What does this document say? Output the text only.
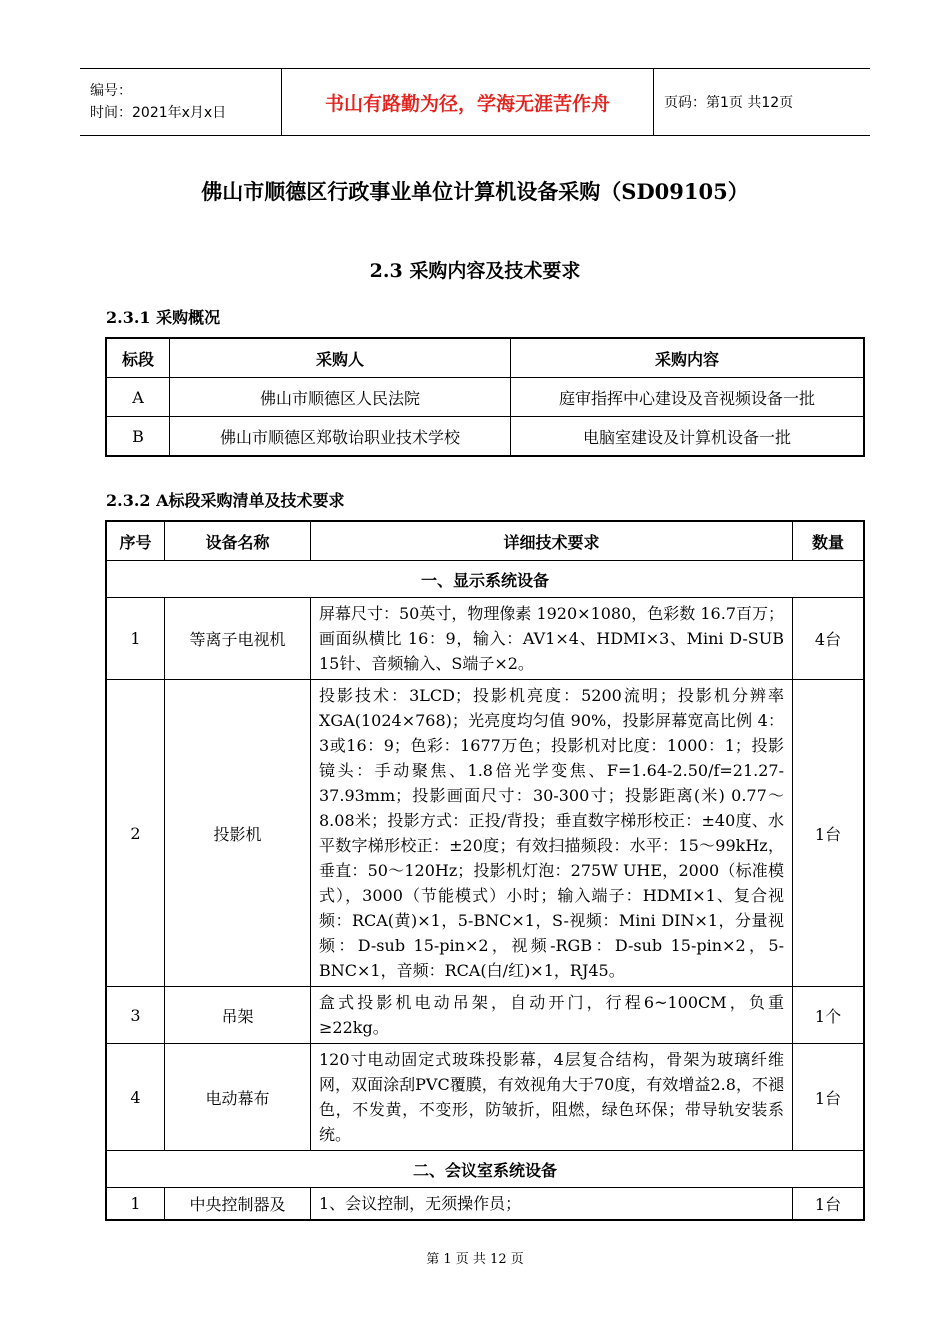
编号：
时间：2021年x月x日	书山有路勤为径，学海无涯苦作舟	页码：第1页 共12页
佛山市顺德区行政事业单位计算机设备采购（SD09105）
2.3 采购内容及技术要求
2.3.1 采购概况
标段	采购人	采购内容
A	佛山市顺德区人民法院	庭审指挥中心建设及音视频设备一批
B	佛山市顺德区郑敬诒职业技术学校	电脑室建设及计算机设备一批
2.3.2 A标段采购清单及技术要求
序号	设备名称	详细技术要求	数量
一、显示系统设备			
1	等离子电视机	屏幕尺寸：50英寸，物理像素 1920×1080，色彩数 16.7百万；画面纵横比 16：9，输入：AV1×4、HDMI×3、Mini D-SUB 15针、音频输入、S端子×2。	4台
2	投影机	投影技术：3LCD；投影机亮度：5200流明；投影机分辨率 XGA(1024×768)；光亮度均匀值 90%，投影屏幕宽高比例 4：3或16：9；色彩：1677万色；投影机对比度：1000：1；投影镜头：手动聚焦、1.8倍光学变焦、F=1.64-2.50/f=21.27-37.93mm；投影画面尺寸：30-300寸；投影距离(米) 0.77～8.08米；投影方式：正投/背投；垂直数字梯形校正：±40度、水平数字梯形校正：±20度；有效扫描频段：水平：15～99kHz，垂直：50～120Hz；投影机灯泡：275W UHE，2000（标准模式），3000（节能模式）小时；输入端子：HDMI×1、复合视频：RCA(黄)×1，5-BNC×1，S-视频：Mini DIN×1，分量视频：D-sub 15-pin×2，视频-RGB：D-sub 15-pin×2，5-BNC×1，音频：RCA(白/红)×1，RJ45。	1台
3	吊架	盒式投影机电动吊架，自动开门，行程6~100CM，负重≥22kg。	1个
4	电动幕布	120寸电动固定式玻珠投影幕，4层复合结构，骨架为玻璃纤维网，双面涂刮PVC覆膜，有效视角大于70度，有效增益2.8，不褪色，不发黄，不变形，防皱折，阻燃，绿色环保；带导轨安装系统。	1台
二、会议室系统设备			
1	中央控制器及	1、会议控制，无须操作员；	1台
第 1 页 共 12 页
